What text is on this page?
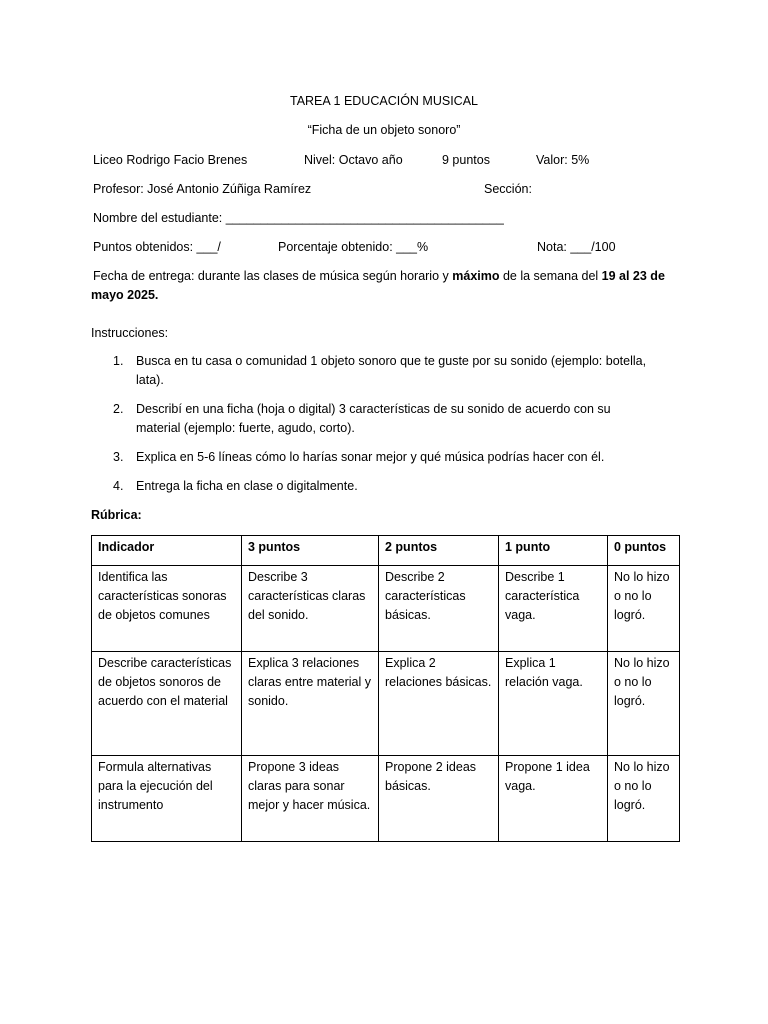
TAREA 1 EDUCACIÓN MUSICAL
“Ficha de un objeto sonoro”
Liceo Rodrigo Facio Brenes	Nivel: Octavo año	9 puntos	Valor: 5%
Profesor: José Antonio Zúñiga Ramírez	Sección:
Nombre del estudiante: ________________________________________
Puntos obtenidos: ___/	Porcentaje obtenido: ___%	Nota: ___/100
Fecha de entrega: durante las clases de música según horario y máximo de la semana del 19 al 23 de mayo 2025.
Instrucciones:
1. Busca en tu casa o comunidad 1 objeto sonoro que te guste por su sonido (ejemplo: botella, lata).
2. Describí en una ficha (hoja o digital) 3 características de su sonido de acuerdo con su material (ejemplo: fuerte, agudo, corto).
3. Explica en 5-6 líneas cómo lo harías sonar mejor y qué música podrías hacer con él.
4. Entrega la ficha en clase o digitalmente.
Rúbrica:
Indicador	3 puntos	2 puntos	1 punto	0 puntos
Identifica las características sonoras de objetos comunes	Describe 3 características claras del sonido.	Describe 2 características básicas.	Describe 1 característica vaga.	No lo hizo o no lo logró.
Describe características de objetos sonoros de acuerdo con el material	Explica 3 relaciones claras entre material y sonido.	Explica 2 relaciones básicas.	Explica 1 relación vaga.	No lo hizo o no lo logró.
Formula alternativas para la ejecución del instrumento	Propone 3 ideas claras para sonar mejor y hacer música.	Propone 2 ideas básicas.	Propone 1 idea vaga.	No lo hizo o no lo logró.
